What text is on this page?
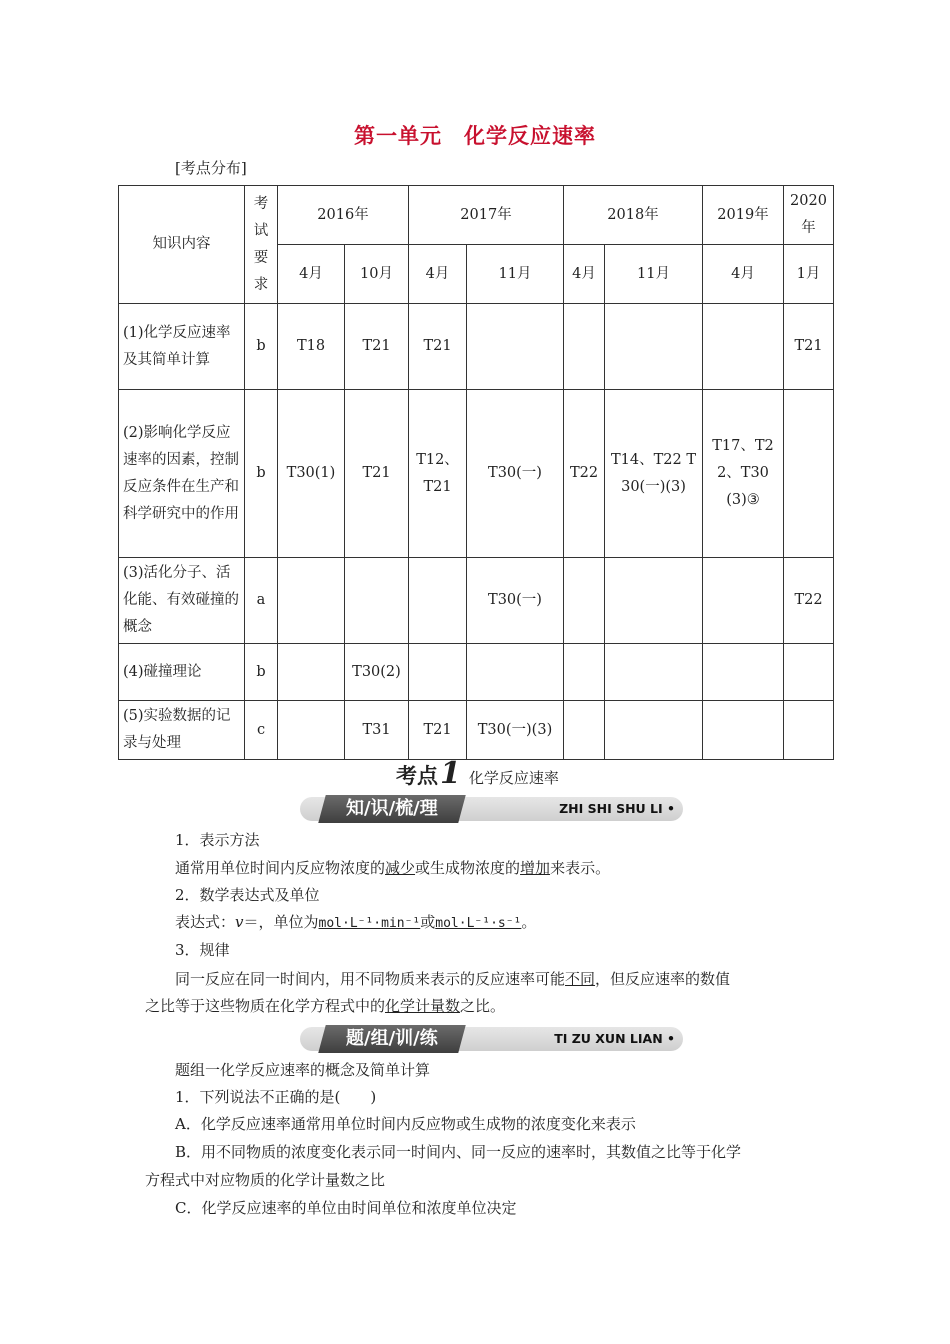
第一单元　化学反应速率
[考点分布]
知识内容	考试要求	2016年		2017年		2018年		2019年	2020年
		4月	10月	4月	11月	4月	11月	4月	1月
(1)化学反应速率及其简单计算	b	T18	T21	T21					T21
(2)影响化学反应速率的因素，控制反应条件在生产和科学研究中的作用	b	T30(1)	T21	T12、T21	T30(一)	T22	T14、T22 T30(一)(3)	T17、T22、T30(3)③	
(3)活化分子、活化能、有效碰撞的概念	a				T30(一)				T22
(4)碰撞理论	b		T30(2)						
(5)实验数据的记录与处理	c		T31	T21	T30(一)(3)				
考点 1 化学反应速率
知/识/梳/理	ZHI SHI SHU LI •
1．表示方法
通常用单位时间内反应物浓度的减少或生成物浓度的增加来表示。
2．数学表达式及单位
表达式：v＝，单位为mol·L⁻¹·min⁻¹或mol·L⁻¹·s⁻¹。
3．规律
同一反应在同一时间内，用不同物质来表示的反应速率可能不同，但反应速率的数值
之比等于这些物质在化学方程式中的化学计量数之比。
题/组/训/练	TI ZU XUN LIAN •
题组一化学反应速率的概念及简单计算
1．下列说法不正确的是(　　)
A．化学反应速率通常用单位时间内反应物或生成物的浓度变化来表示
B．用不同物质的浓度变化表示同一时间内、同一反应的速率时，其数值之比等于化学
方程式中对应物质的化学计量数之比
C．化学反应速率的单位由时间单位和浓度单位决定
